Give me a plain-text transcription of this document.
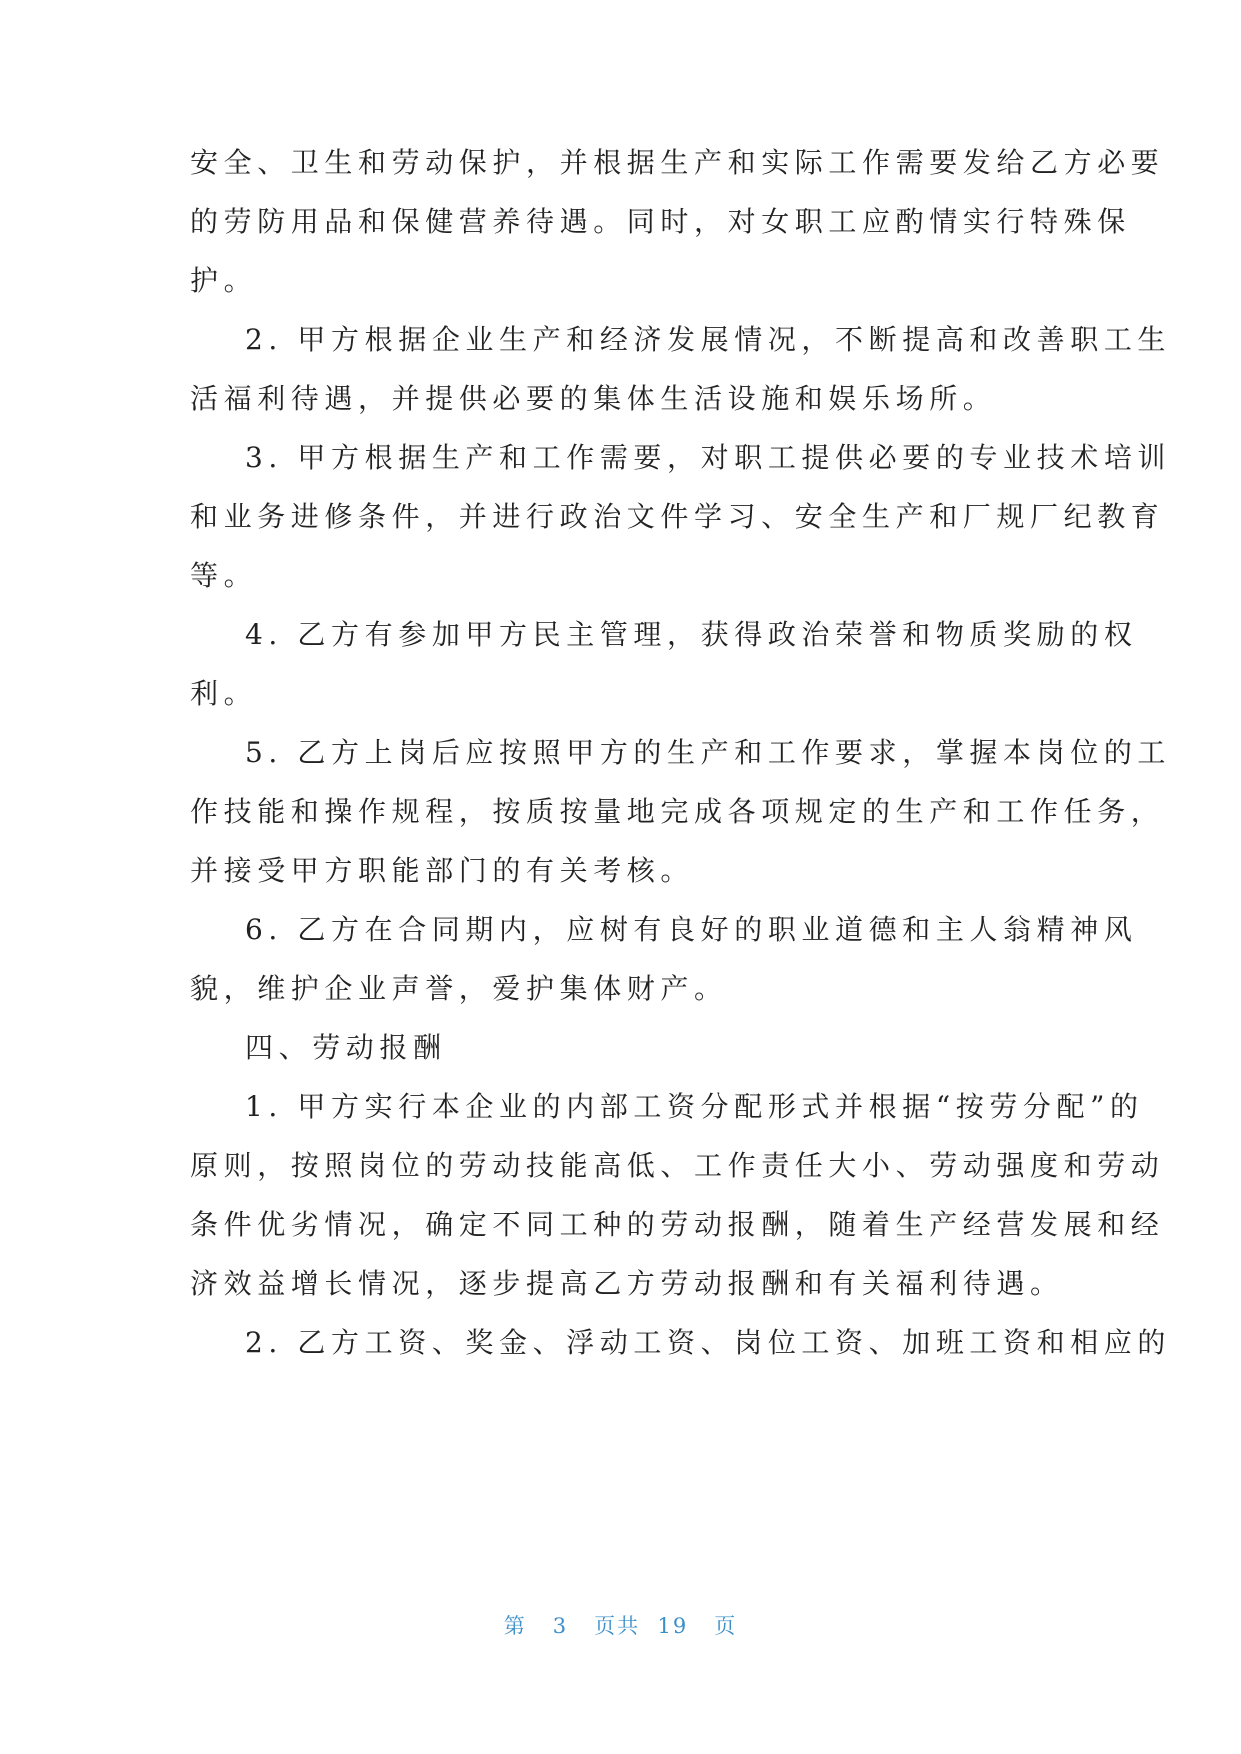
安全、卫生和劳动保护，并根据生产和实际工作需要发给乙方必要
的劳防用品和保健营养待遇。同时，对女职工应酌情实行特殊保
护。
2. 甲方根据企业生产和经济发展情况，不断提高和改善职工生
活福利待遇，并提供必要的集体生活设施和娱乐场所。
3. 甲方根据生产和工作需要，对职工提供必要的专业技术培训
和业务进修条件，并进行政治文件学习、安全生产和厂规厂纪教育
等。
4. 乙方有参加甲方民主管理，获得政治荣誉和物质奖励的权
利。
5. 乙方上岗后应按照甲方的生产和工作要求，掌握本岗位的工
作技能和操作规程，按质按量地完成各项规定的生产和工作任务，
并接受甲方职能部门的有关考核。
6. 乙方在合同期内，应树有良好的职业道德和主人翁精神风
貌，维护企业声誉，爱护集体财产。
四、劳动报酬
1. 甲方实行本企业的内部工资分配形式并根据“按劳分配”的
原则，按照岗位的劳动技能高低、工作责任大小、劳动强度和劳动
条件优劣情况，确定不同工种的劳动报酬，随着生产经营发展和经
济效益增长情况，逐步提高乙方劳动报酬和有关福利待遇。
2. 乙方工资、奖金、浮动工资、岗位工资、加班工资和相应的
第 3 页共 19 页
